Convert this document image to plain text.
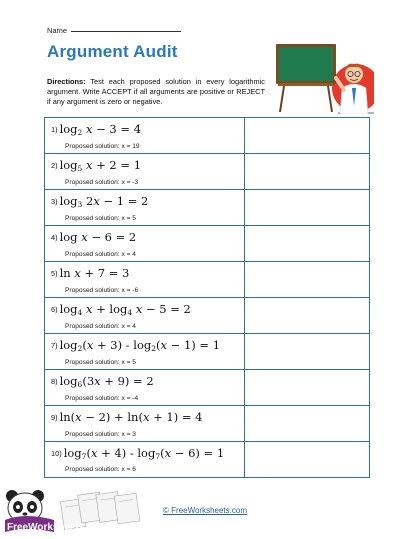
Name
Argument Audit
Directions: Test each proposed solution in every logarithmic argument. Write ACCEPT if all arguments are positive or REJECT if any argument is zero or negative.
1) $\log_2 x - 3 = 4$
Proposed solution: x = 19
2) $\log_5 x + 2 = 1$
Proposed solution: x = -3
3) $\log_3 2x - 1 = 2$
Proposed solution: x = 5
4) log x − 6 = 2
Proposed solution: x = 4
5) ln x + 7 = 3
Proposed solution: x = -6
6) $\log_4 x + \log_4 x - 5 = 2$
Proposed solution: x = 4
7) $\log_2(x + 3) - \log_2(x - 1) = 1$
Proposed solution: x = 5
8) $\log_6(3x + 9) = 2$
Proposed solution: x = -4
9) ln(x − 2) + ln(x + 1) = 4
Proposed solution: x = 3
10) $\log_7(x + 4) - \log_7(x - 6) = 1$
Proposed solution: x = 6
FreeWorksheets
© FreeWorksheets.com
